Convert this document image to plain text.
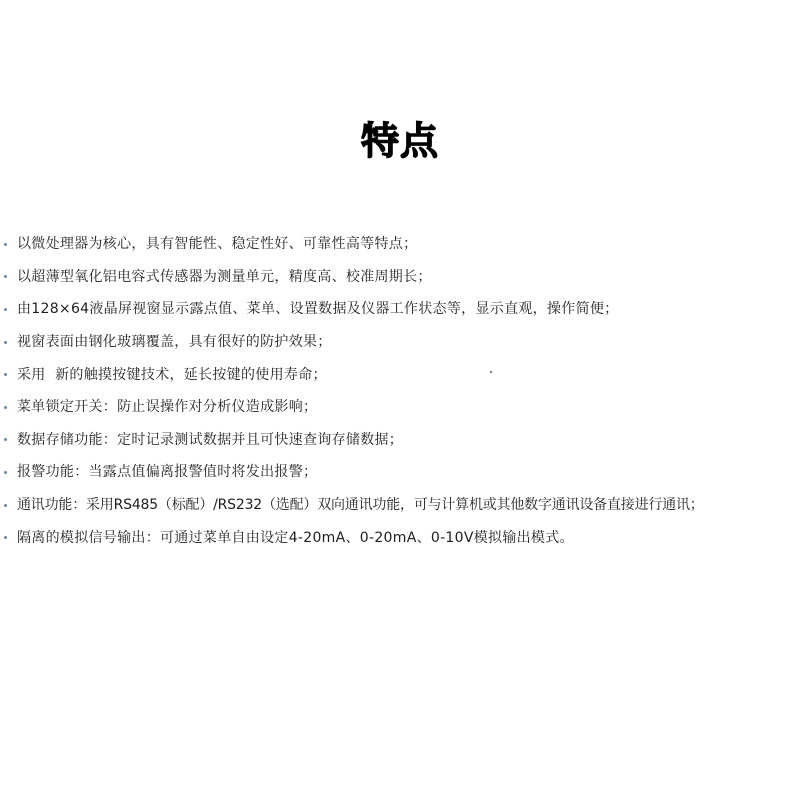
特点
以微处理器为核心，具有智能性、稳定性好、可靠性高等特点；
以超薄型氧化铝电容式传感器为测量单元，精度高、校准周期长；
由128×64液晶屏视窗显示露点值、菜单、设置数据及仪器工作状态等，显示直观，操作简便；
视窗表面由钢化玻璃覆盖，具有很好的防护效果；
采用  新的触摸按键技术，延长按键的使用寿命；
菜单锁定开关：防止误操作对分析仪造成影响；
数据存储功能：定时记录测试数据并且可快速查询存储数据；
报警功能：当露点值偏离报警值时将发出报警；
通讯功能：采用RS485（标配）/RS232（选配）双向通讯功能，可与计算机或其他数字通讯设备直接进行通讯；
隔离的模拟信号输出：可通过菜单自由设定4-20mA、0-20mA、0-10V模拟输出模式。
